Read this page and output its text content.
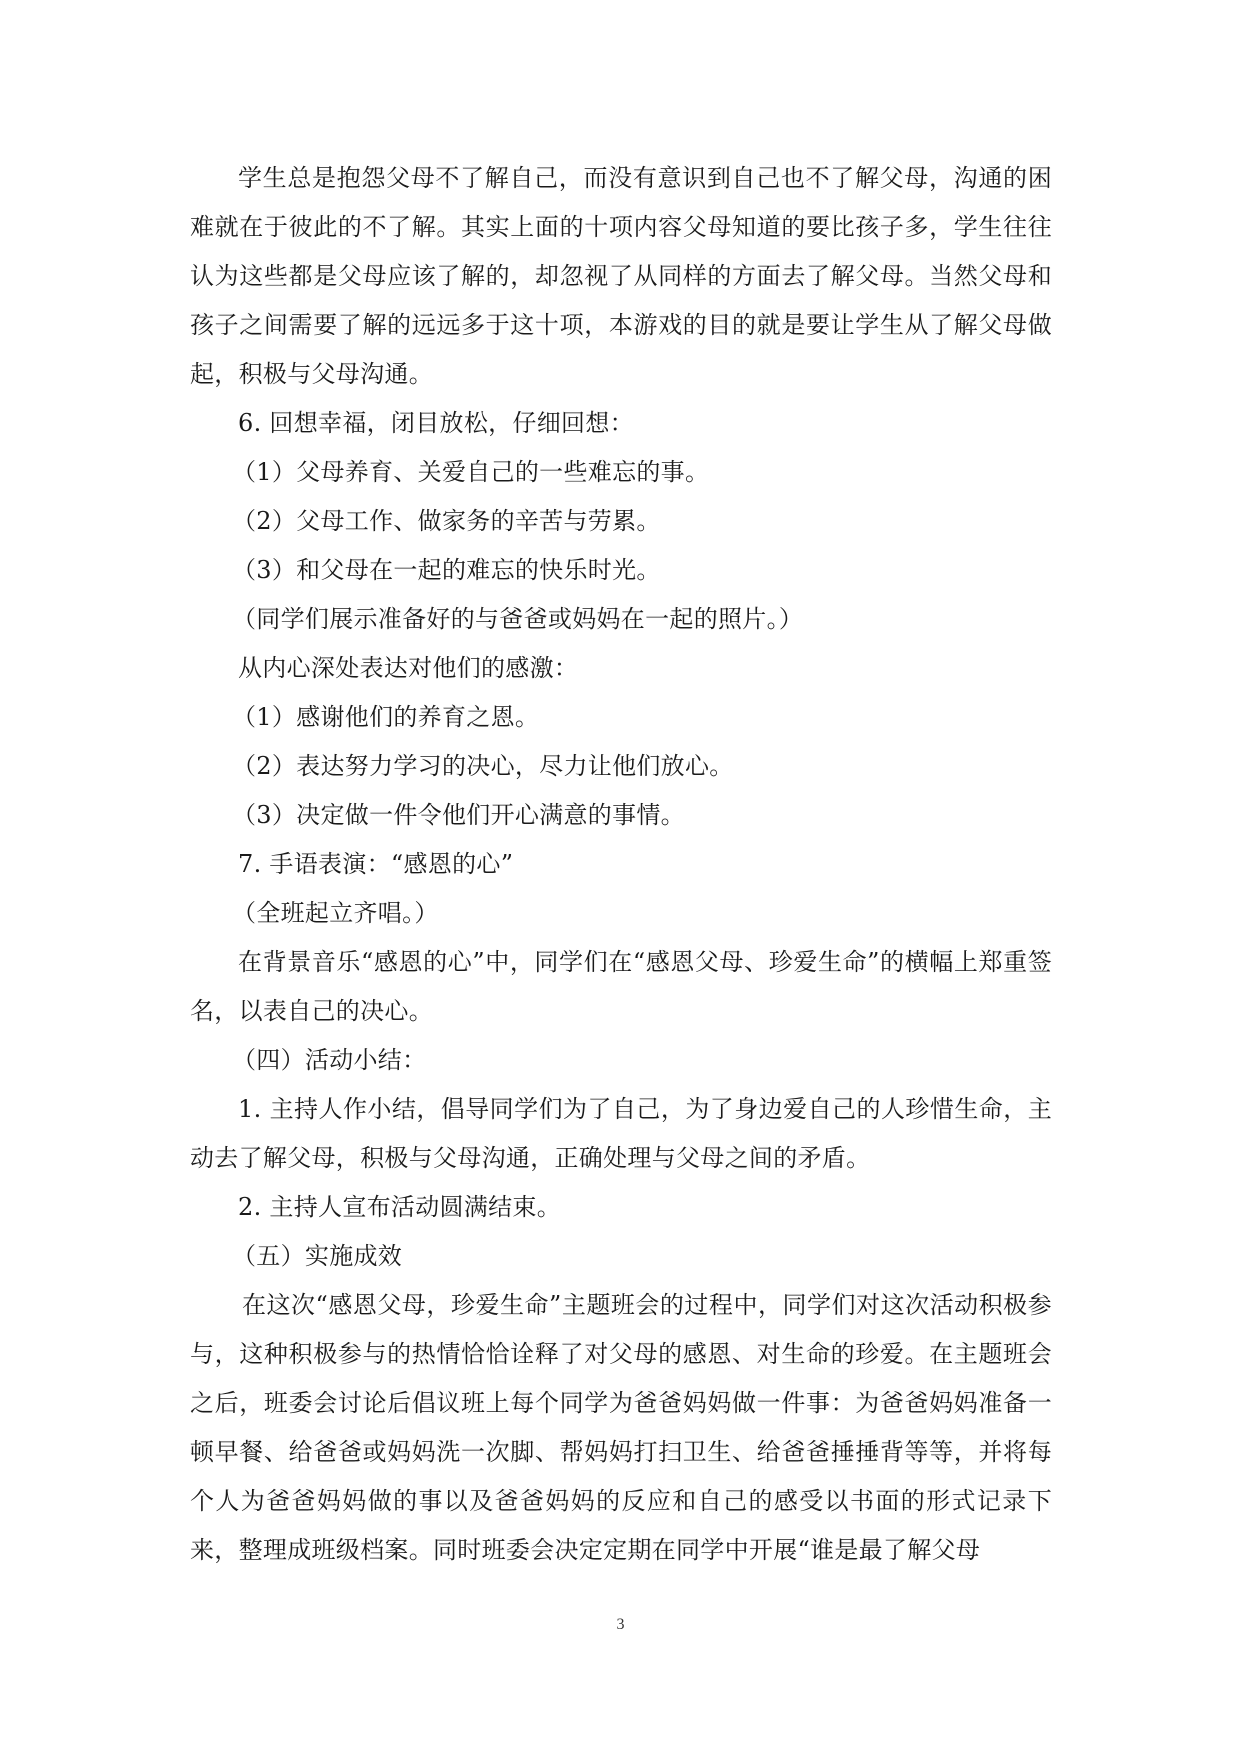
学生总是抱怨父母不了解自己，而没有意识到自己也不了解父母，沟通的困难就在于彼此的不了解。其实上面的十项内容父母知道的要比孩子多，学生往往认为这些都是父母应该了解的，却忽视了从同样的方面去了解父母。当然父母和孩子之间需要了解的远远多于这十项，本游戏的目的就是要让学生从了解父母做起，积极与父母沟通。

6. 回想幸福，闭目放松，仔细回想：

（1）父母养育、关爱自己的一些难忘的事。

（2）父母工作、做家务的辛苦与劳累。

（3）和父母在一起的难忘的快乐时光。

（同学们展示准备好的与爸爸或妈妈在一起的照片。）

从内心深处表达对他们的感激：

（1）感谢他们的养育之恩。

（2）表达努力学习的决心，尽力让他们放心。

（3）决定做一件令他们开心满意的事情。

7. 手语表演：“感恩的心”

（全班起立齐唱。）

在背景音乐“感恩的心”中，同学们在“感恩父母、珍爱生命”的横幅上郑重签名，以表自己的决心。

（四）活动小结：

1. 主持人作小结，倡导同学们为了自己，为了身边爱自己的人珍惜生命，主动去了解父母，积极与父母沟通，正确处理与父母之间的矛盾。

2. 主持人宣布活动圆满结束。

（五）实施成效

在这次“感恩父母，珍爱生命”主题班会的过程中，同学们对这次活动积极参与，这种积极参与的热情恰恰诠释了对父母的感恩、对生命的珍爱。在主题班会之后，班委会讨论后倡议班上每个同学为爸爸妈妈做一件事：为爸爸妈妈准备一顿早餐、给爸爸或妈妈洗一次脚、帮妈妈打扫卫生、给爸爸捶捶背等等，并将每个人为爸爸妈妈做的事以及爸爸妈妈的反应和自己的感受以书面的形式记录下来，整理成班级档案。同时班委会决定定期在同学中开展“谁是最了解父母

3
